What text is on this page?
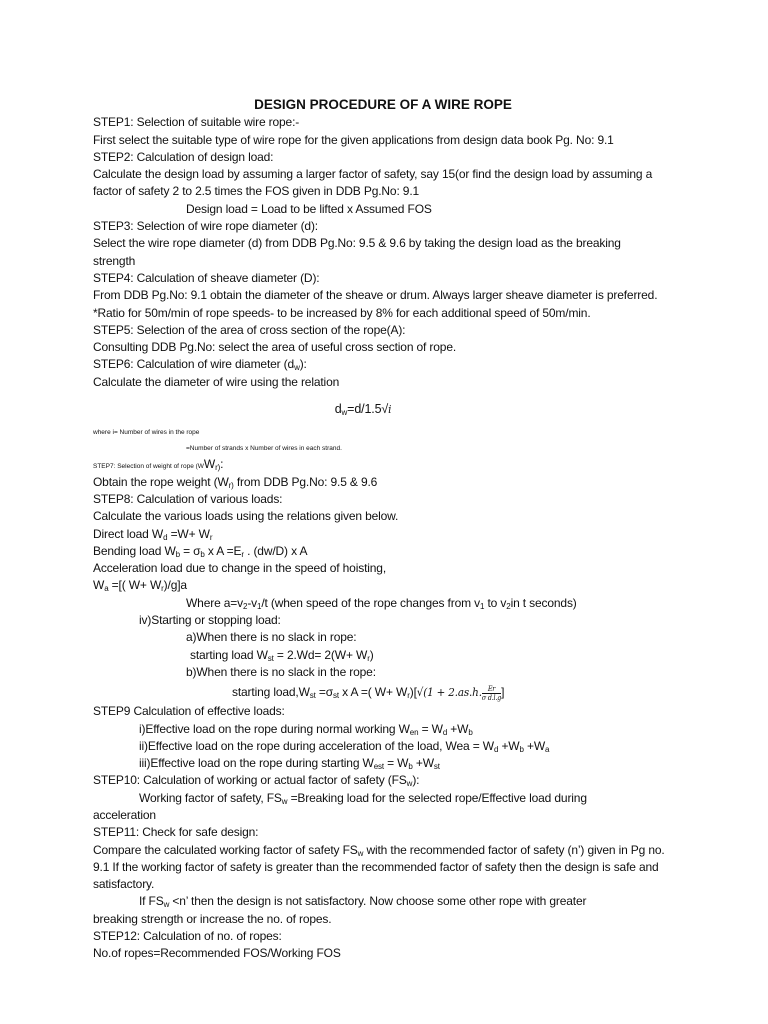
DESIGN PROCEDURE OF A WIRE ROPE
STEP1: Selection of suitable wire rope:-
First select the suitable type of wire rope for the given applications from design data book Pg. No: 9.1
STEP2: Calculation of design load:
Calculate the design load by assuming a larger factor of safety, say 15(or find the design load by assuming a factor of safety 2 to 2.5 times the FOS given in DDB Pg.No: 9.1
Design load = Load to be lifted x Assumed FOS
STEP3: Selection of wire rope diameter (d):
Select the wire rope diameter (d) from DDB Pg.No: 9.5 & 9.6 by taking the design load as the breaking strength
STEP4: Calculation of sheave diameter (D):
From DDB Pg.No: 9.1 obtain the diameter of the sheave or drum. Always larger sheave diameter is preferred.
*Ratio for 50m/min of rope speeds- to be increased by 8% for each additional speed of 50m/min.
STEP5: Selection of the area of cross section of the rope(A):
Consulting DDB Pg.No: select the area of useful cross section of rope.
STEP6: Calculation of wire diameter $(d_w)$:
Calculate the diameter of wire using the relation
$d_w=d/1.5√i$
where i= Number of wires in the rope
=Number of strands x Number of wires in each strand.
STEP7: Selection of weight of rope ($WW_{r)}$:
Obtain the rope weight ($W_{r)}$ from DDB Pg.No: 9.5 & 9.6
STEP8: Calculation of various loads:
Calculate the various loads using the relations given below.
Direct load $W_d =W+ W_r$
Bending load $W_b = \sigma_b$ x $A =E_r$ . (dw/D) x A
Acceleration load due to change in the speed of hoisting,
$W_a$ =[( $W+ W_r)/g]a$
Where $a=v_2-v_1/t$ (when speed of the rope changes from $v_1$ to $v_2in$ t seconds)
iv)Starting or stopping load:
a)When there is no slack in rope:
starting load $W_{st} = 2.Wd= 2(W+ W_r)$
b)When there is no slack in the rope:
starting $load,W_{st} =\sigma_{st}$ x A =( $W+ W_r)[√(1 + 2.as.h$. $\frac{Er}{\text{σ d.l.g}}$ ]
STEP9 Calculation of effective loads:
i)Effective load on the rope during normal working $W_{en} = W_d +W_b$
ii)Effective load on the rope during acceleration of the load, Wea = $W_d +W_b +W_a$
iii)Effective load on the rope during starting $W_{est} = W_b +W_{st}$
STEP10: Calculation of working or actual factor of safety $(FS_w)$:
Working factor of safety, $FS_w$ =Breaking load for the selected rope/Effective load during
acceleration
STEP11: Check for safe design:
Compare the calculated working factor of safety $FS_w$ with the recommended factor of safety (n’) given in Pg no. 9.1 If the working factor of safety is greater than the recommended factor of safety then the design is safe and satisfactory.
If $FS_w <n$’ then the design is not satisfactory. Now choose some other rope with greater
breaking strength or increase the no. of ropes.
STEP12: Calculation of no. of ropes:
No.of ropes=Recommended FOS/Working FOS
